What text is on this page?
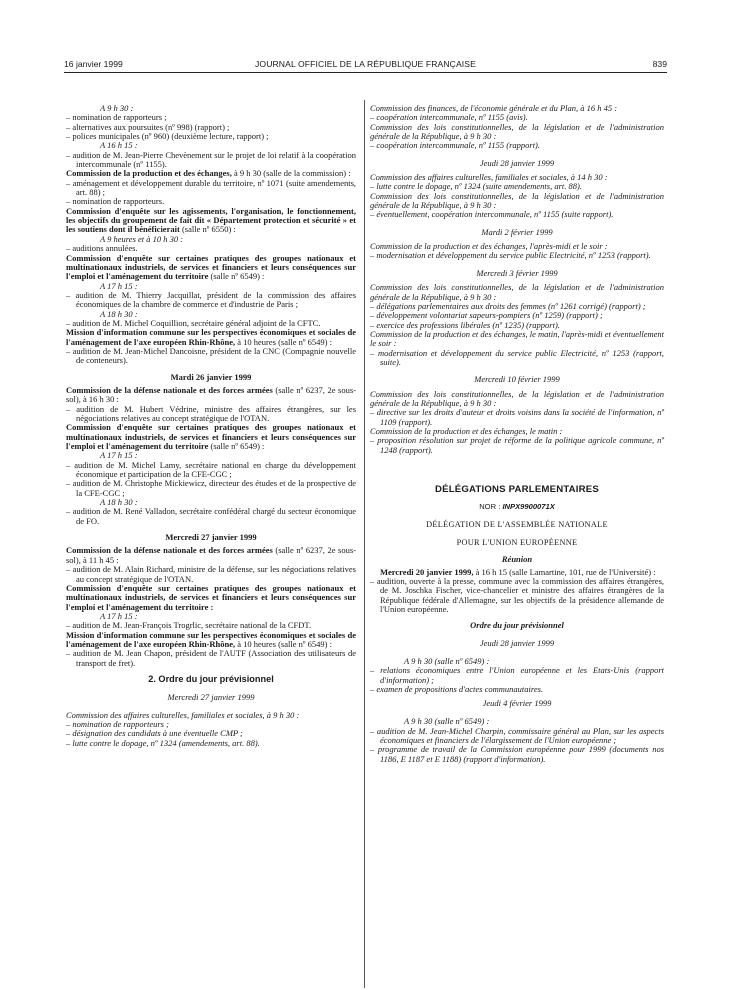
16 janvier 1999	JOURNAL OFFICIEL DE LA RÉPUBLIQUE FRANÇAISE	839

A 9 h 30 :

– nomination de rapporteurs ;

– alternatives aux poursuites (nº 998) (rapport) ;

– polices municipales (nº 960) (deuxième lecture, rapport) ;

A 16 h 15 :

– audition de M. Jean-Pierre Chevènement sur le projet de loi relatif à la coopération intercommunale (nº 1155).

Commission de la production et des échanges, à 9 h 30 (salle de la commission) :

– aménagement et développement durable du territoire, nº 1071 (suite amendements, art. 88) ;

– nomination de rapporteurs.

Commission d'enquête sur les agissements, l'organisation, le fonctionnement, les objectifs du groupement de fait dit « Département protection et sécurité » et les soutiens dont il bénéficierait (salle nº 6550) :

A 9 heures et à 10 h 30 :

– auditions annulées.

Commission d'enquête sur certaines pratiques des groupes nationaux et multinationaux industriels, de services et financiers et leurs conséquences sur l'emploi et l'aménagement du territoire (salle nº 6549) :

A 17 h 15 :

– audition de M. Thierry Jacquillat, président de la commission des affaires économiques de la chambre de commerce et d'industrie de Paris ;

A 18 h 30 :

– audition de M. Michel Coquillion, secrétaire général adjoint de la CFTC.

Mission d'information commune sur les perspectives économiques et sociales de l'aménagement de l'axe européen Rhin-Rhône, à 10 heures (salle nº 6549) :

– audition de M. Jean-Michel Dancoisne, président de la CNC (Compagnie nouvelle de conteneurs).

Mardi 26 janvier 1999

Commission de la défense nationale et des forces armées (salle nº 6237, 2e sous-sol), à 16 h 30 :

– audition de M. Hubert Védrine, ministre des affaires étrangères, sur les négociations relatives au concept stratégique de l'OTAN.

Commission d'enquête sur certaines pratiques des groupes nationaux et multinationaux industriels, de services et financiers et leurs conséquences sur l'emploi et l'aménagement du territoire (salle nº 6549) :

A 17 h 15 :

– audition de M. Michel Lamy, secrétaire national en charge du développement économique et participation de la CFE-CGC ;

– audition de M. Christophe Mickiewicz, directeur des études et de la prospective de la CFE-CGC ;

A 18 h 30 :

– audition de M. René Valladon, secrétaire confédéral chargé du secteur économique de FO.

Mercredi 27 janvier 1999

Commission de la défense nationale et des forces armées (salle nº 6237, 2e sous-sol), à 11 h 45 :

– audition de M. Alain Richard, ministre de la défense, sur les négociations relatives au concept stratégique de l'OTAN.

Commission d'enquête sur certaines pratiques des groupes nationaux et multinationaux industriels, de services et financiers et leurs conséquences sur l'emploi et l'aménagement du territoire :

A 17 h 15 :

– audition de M. Jean-François Trogrlic, secrétaire national de la CFDT.

Mission d'information commune sur les perspectives économiques et sociales de l'aménagement de l'axe européen Rhin-Rhône, à 10 heures (salle nº 6549) :

– audition de M. Jean Chapon, président de l'AUTF (Association des utilisateurs de transport de fret).

2. Ordre du jour prévisionnel

Mercredi 27 janvier 1999

Commission des affaires culturelles, familiales et sociales, à 9 h 30 :

– nomination de rapporteurs ;

– désignation des candidats à une éventuelle CMP ;

– lutte contre le dopage, nº 1324 (amendements, art. 88).

Commission des finances, de l'économie générale et du Plan, à 16 h 45 :

– coopération intercommunale, nº 1155 (avis).

Commission des lois constitutionnelles, de la législation et de l'administration générale de la République, à 9 h 30 :

– coopération intercommunale, nº 1155 (rapport).

Jeudi 28 janvier 1999

Commission des affaires culturelles, familiales et sociales, à 14 h 30 :

– lutte contre le dopage, nº 1324 (suite amendements, art. 88).

Commission des lois constitutionnelles, de la législation et de l'administration générale de la République, à 9 h 30 :

– éventuellement, coopération intercommunale, nº 1155 (suite rapport).

Mardi 2 février 1999

Commission de la production et des échanges, l'après-midi et le soir :

– modernisation et développement du service public Electricité, nº 1253 (rapport).

Mercredi 3 février 1999

Commission des lois constitutionnelles, de la législation et de l'administration générale de la République, à 9 h 30 :

– délégations parlementaires aux droits des femmes (nº 1261 corrigé) (rapport) ;

– développement volontariat sapeurs-pompiers (nº 1259) (rapport) ;

– exercice des professions libérales (nº 1235) (rapport).

Commission de la production et des échanges, le matin, l'après-midi et éventuellement le soir :

– modernisation et développement du service public Electricité, nº 1253 (rapport, suite).

Mercredi 10 février 1999

Commission des lois constitutionnelles, de la législation et de l'administration générale de la République, à 9 h 30 :

– directive sur les droits d'auteur et droits voisins dans la société de l'information, nº 1109 (rapport).

Commission de la production et des échanges, le matin :

– proposition résolution sur projet de réforme de la politique agricole commune, nº 1248 (rapport).

DÉLÉGATIONS PARLEMENTAIRES

NOR : INPX9900071X

DÉLÉGATION DE L'ASSEMBLÉE NATIONALE

POUR L'UNION EUROPÉENNE

Réunion

Mercredi 20 janvier 1999, à 16 h 15 (salle Lamartine, 101, rue de l'Université) :

– audition, ouverte à la presse, commune avec la commission des affaires étrangères, de M. Joschka Fischer, vice-chancelier et ministre des affaires étrangères de la République fédérale d'Allemagne, sur les objectifs de la présidence allemande de l'Union européenne.

Ordre du jour prévisionnel

Jeudi 28 janvier 1999

A 9 h 30 (salle nº 6549) :

– relations économiques entre l'Union européenne et les Etats-Unis (rapport d'information) ;

– examen de propositions d'actes communautaires.

Jeudi 4 février 1999

A 9 h 30 (salle nº 6549) :

– audition de M. Jean-Michel Charpin, commissaire général au Plan, sur les aspects économiques et financiers de l'élargissement de l'Union européenne ;

– programme de travail de la Commission européenne pour 1999 (documents nos 1186, E 1187 et E 1188) (rapport d'information).
